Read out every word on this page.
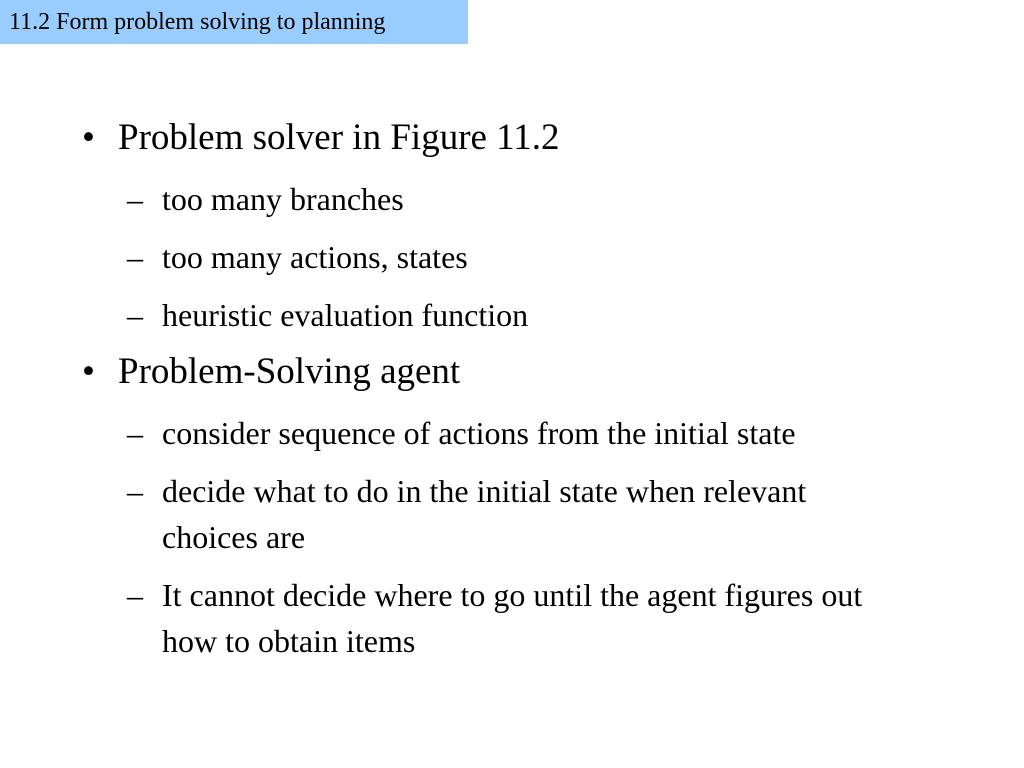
11.2 Form problem solving to planning
• Problem solver in Figure 11.2
– too many branches
– too many actions, states
– heuristic evaluation function
• Problem-Solving agent
– consider sequence of actions from the initial state
– decide what to do in the initial state when relevant choices are
– It cannot decide where to go until the agent figures out how to obtain items
